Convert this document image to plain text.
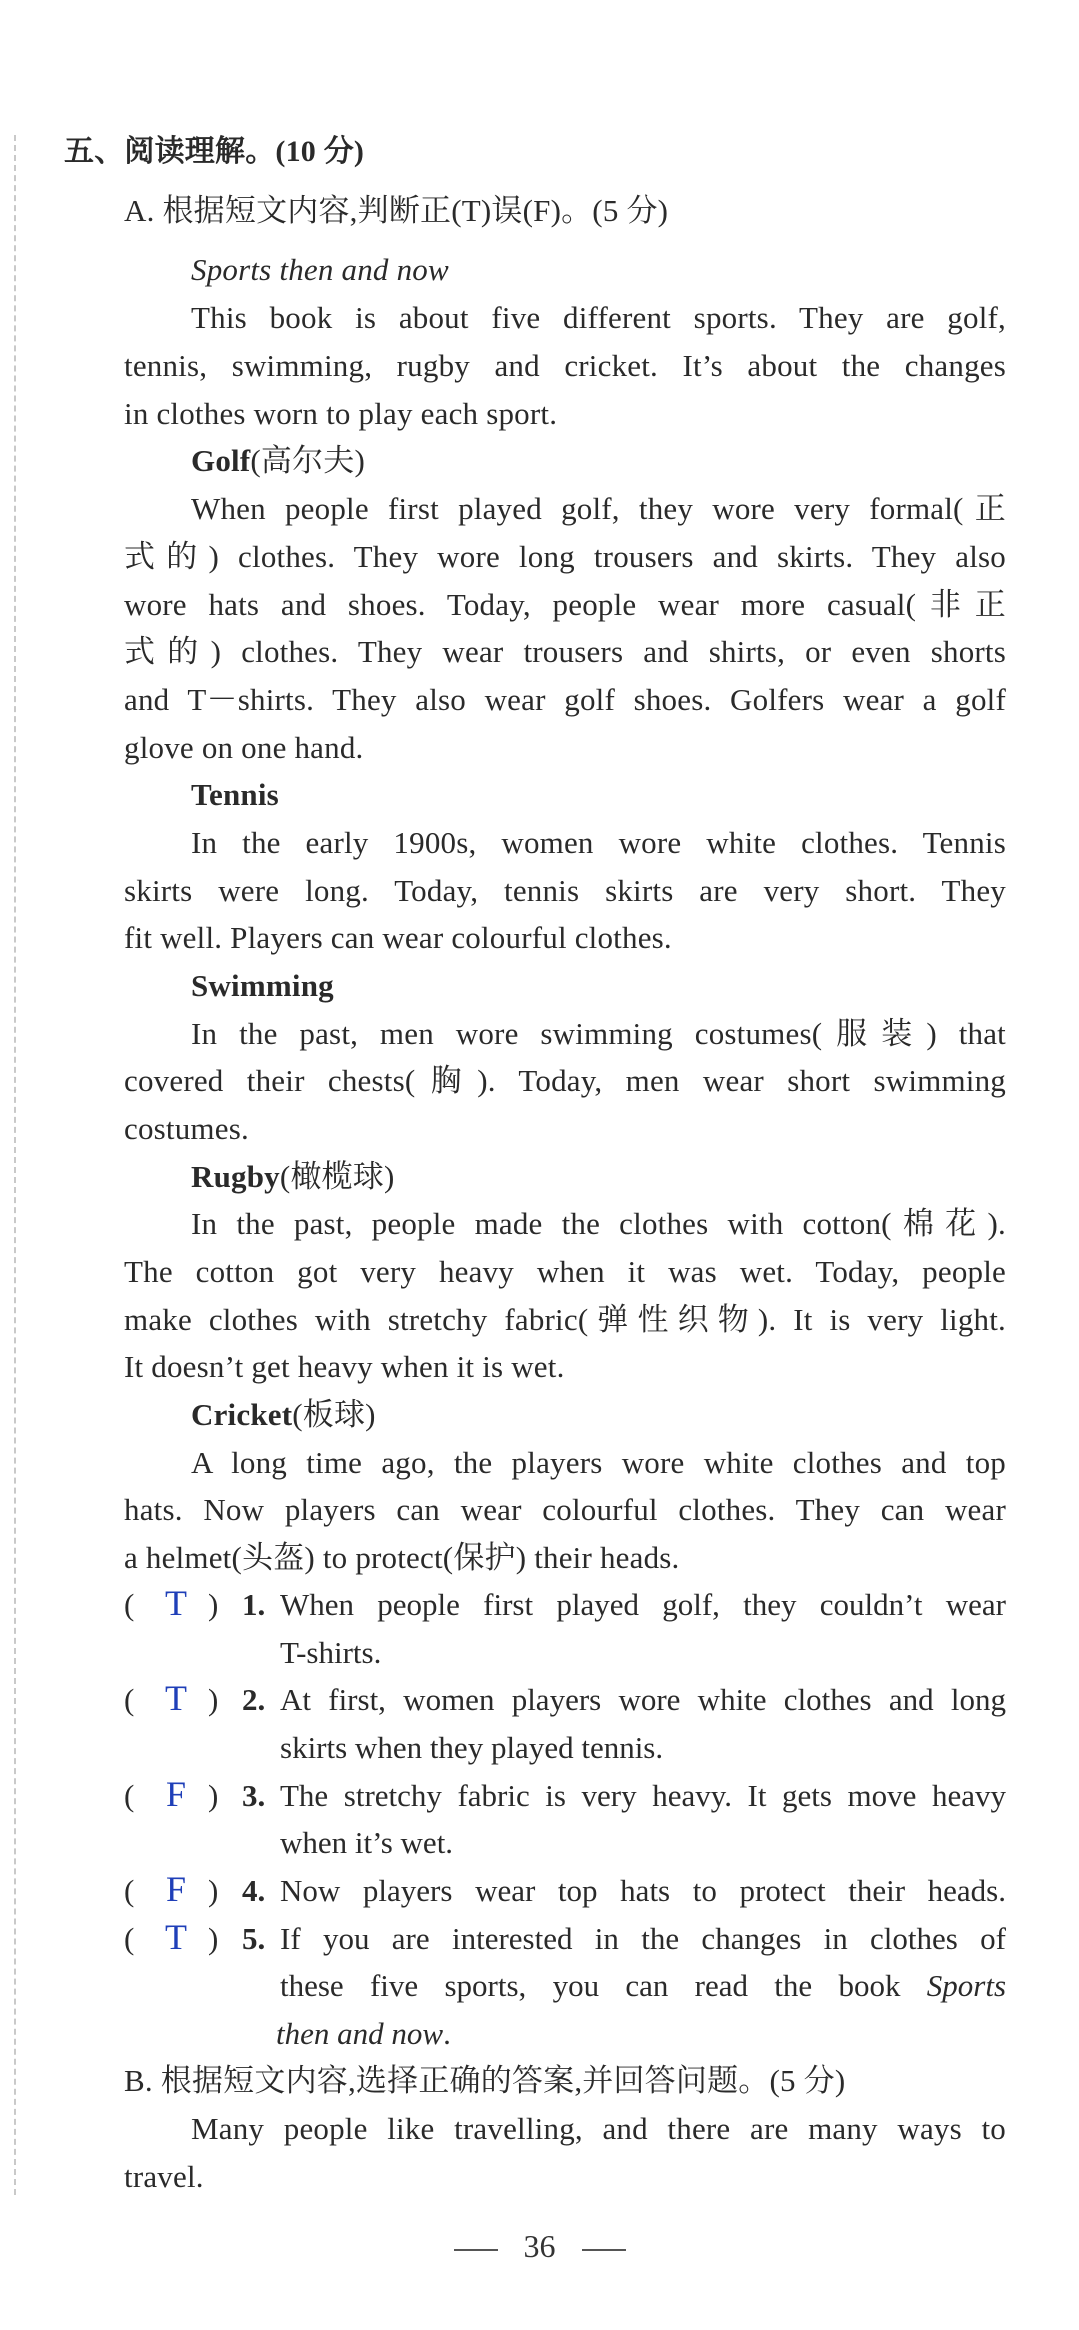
五、阅读理解。(10 分)
A. 根据短文内容,判断正(T)误(F)。(5 分)
Sports then and now
This book is about five different sports. They are golf,
tennis, swimming, rugby and cricket. It’s about the changes
in clothes worn to play each sport.
Golf(高尔夫)
When people first played golf, they wore very formal(正
式的) clothes. They wore long trousers and skirts. They also
wore hats and shoes. Today, people wear more casual(非正
式的) clothes. They wear trousers and shirts, or even shorts
and T－shirts. They also wear golf shoes. Golfers wear a golf
glove on one hand.
Tennis
In the early 1900s, women wore white clothes. Tennis
skirts were long. Today, tennis skirts are very short. They
fit well. Players can wear colourful clothes.
Swimming
In the past, men wore swimming costumes(服装) that
covered their chests(胸). Today, men wear short swimming
costumes.
Rugby(橄榄球)
In the past, people made the clothes with cotton(棉花).
The cotton got very heavy when it was wet. Today, people
make clothes with stretchy fabric(弹性织物). It is very light.
It doesn’t get heavy when it is wet.
Cricket(板球)
A long time ago, the players wore white clothes and top
hats. Now players can wear colourful clothes. They can wear
a helmet(头盔) to protect(保护) their heads.
( T ) 1. When people first played golf, they couldn’t wear
T-shirts.
( T ) 2. At first, women players wore white clothes and long
skirts when they played tennis.
( F ) 3. The stretchy fabric is very heavy. It gets move heavy
when it’s wet.
( F ) 4. Now players wear top hats to protect their heads.
( T ) 5. If you are interested in the changes in clothes of
these five sports, you can read the book Sports
then and now.
B. 根据短文内容,选择正确的答案,并回答问题。(5 分)
Many people like travelling, and there are many ways to
travel.
36
